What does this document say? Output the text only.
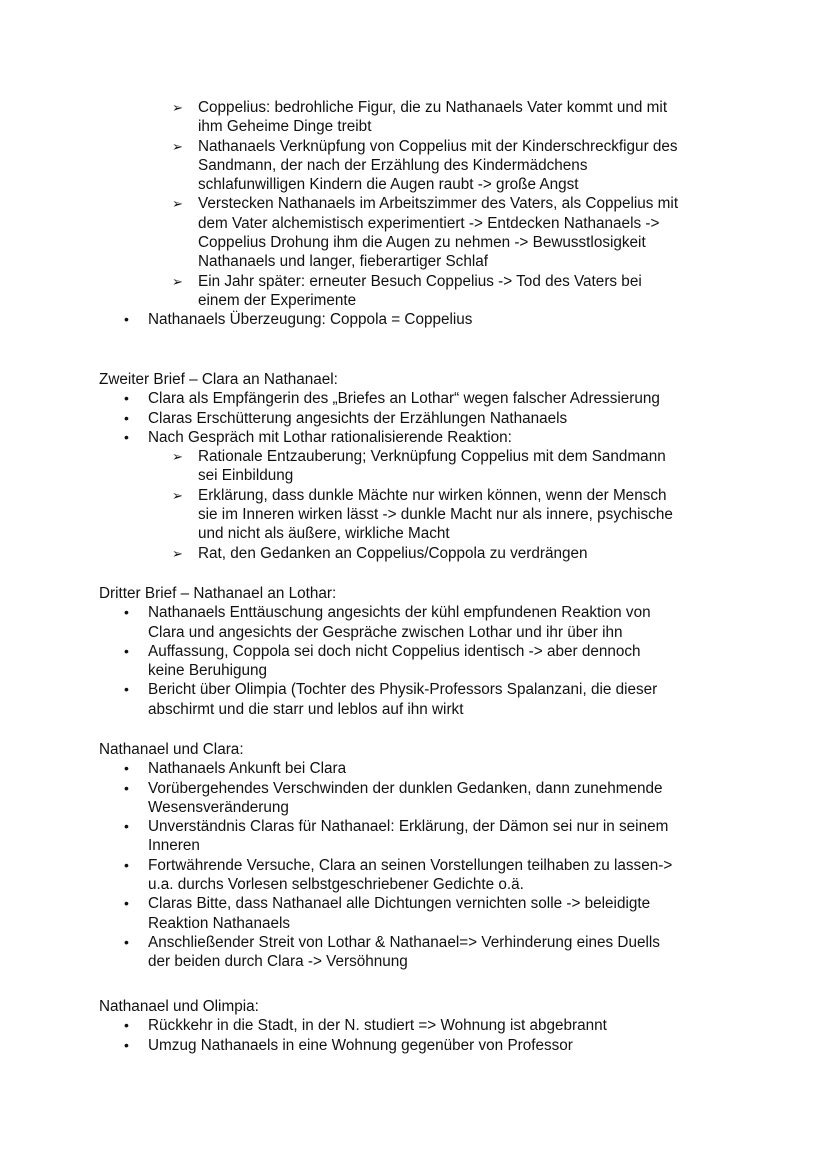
➢ Coppelius: bedrohliche Figur, die zu Nathanaels Vater kommt und mit
ihm Geheime Dinge treibt
➢ Nathanaels Verknüpfung von Coppelius mit der Kinderschreckfigur des
Sandmann, der nach der Erzählung des Kindermädchens
schlafunwilligen Kindern die Augen raubt -> große Angst
➢ Verstecken Nathanaels im Arbeitszimmer des Vaters, als Coppelius mit
dem Vater alchemistisch experimentiert -> Entdecken Nathanaels ->
Coppelius Drohung ihm die Augen zu nehmen -> Bewusstlosigkeit
Nathanaels und langer, fieberartiger Schlaf
➢ Ein Jahr später: erneuter Besuch Coppelius -> Tod des Vaters bei
einem der Experimente
• Nathanaels Überzeugung: Coppola = Coppelius
Zweiter Brief – Clara an Nathanael:
• Clara als Empfängerin des „Briefes an Lothar“ wegen falscher Adressierung
• Claras Erschütterung angesichts der Erzählungen Nathanaels
• Nach Gespräch mit Lothar rationalisierende Reaktion:
➢ Rationale Entzauberung; Verknüpfung Coppelius mit dem Sandmann
sei Einbildung
➢ Erklärung, dass dunkle Mächte nur wirken können, wenn der Mensch
sie im Inneren wirken lässt -> dunkle Macht nur als innere, psychische
und nicht als äußere, wirkliche Macht
➢ Rat, den Gedanken an Coppelius/Coppola zu verdrängen
Dritter Brief – Nathanael an Lothar:
• Nathanaels Enttäuschung angesichts der kühl empfundenen Reaktion von
Clara und angesichts der Gespräche zwischen Lothar und ihr über ihn
• Auffassung, Coppola sei doch nicht Coppelius identisch -> aber dennoch
keine Beruhigung
• Bericht über Olimpia (Tochter des Physik-Professors Spalanzani, die dieser
abschirmt und die starr und leblos auf ihn wirkt
Nathanael und Clara:
• Nathanaels Ankunft bei Clara
• Vorübergehendes Verschwinden der dunklen Gedanken, dann zunehmende
Wesensveränderung
• Unverständnis Claras für Nathanael: Erklärung, der Dämon sei nur in seinem
Inneren
• Fortwährende Versuche, Clara an seinen Vorstellungen teilhaben zu lassen->
u.a. durchs Vorlesen selbstgeschriebener Gedichte o.ä.
• Claras Bitte, dass Nathanael alle Dichtungen vernichten solle -> beleidigte
Reaktion Nathanaels
• Anschließender Streit von Lothar & Nathanael=> Verhinderung eines Duells
der beiden durch Clara -> Versöhnung
Nathanael und Olimpia:
• Rückkehr in die Stadt, in der N. studiert => Wohnung ist abgebrannt
• Umzug Nathanaels in eine Wohnung gegenüber von Professor
